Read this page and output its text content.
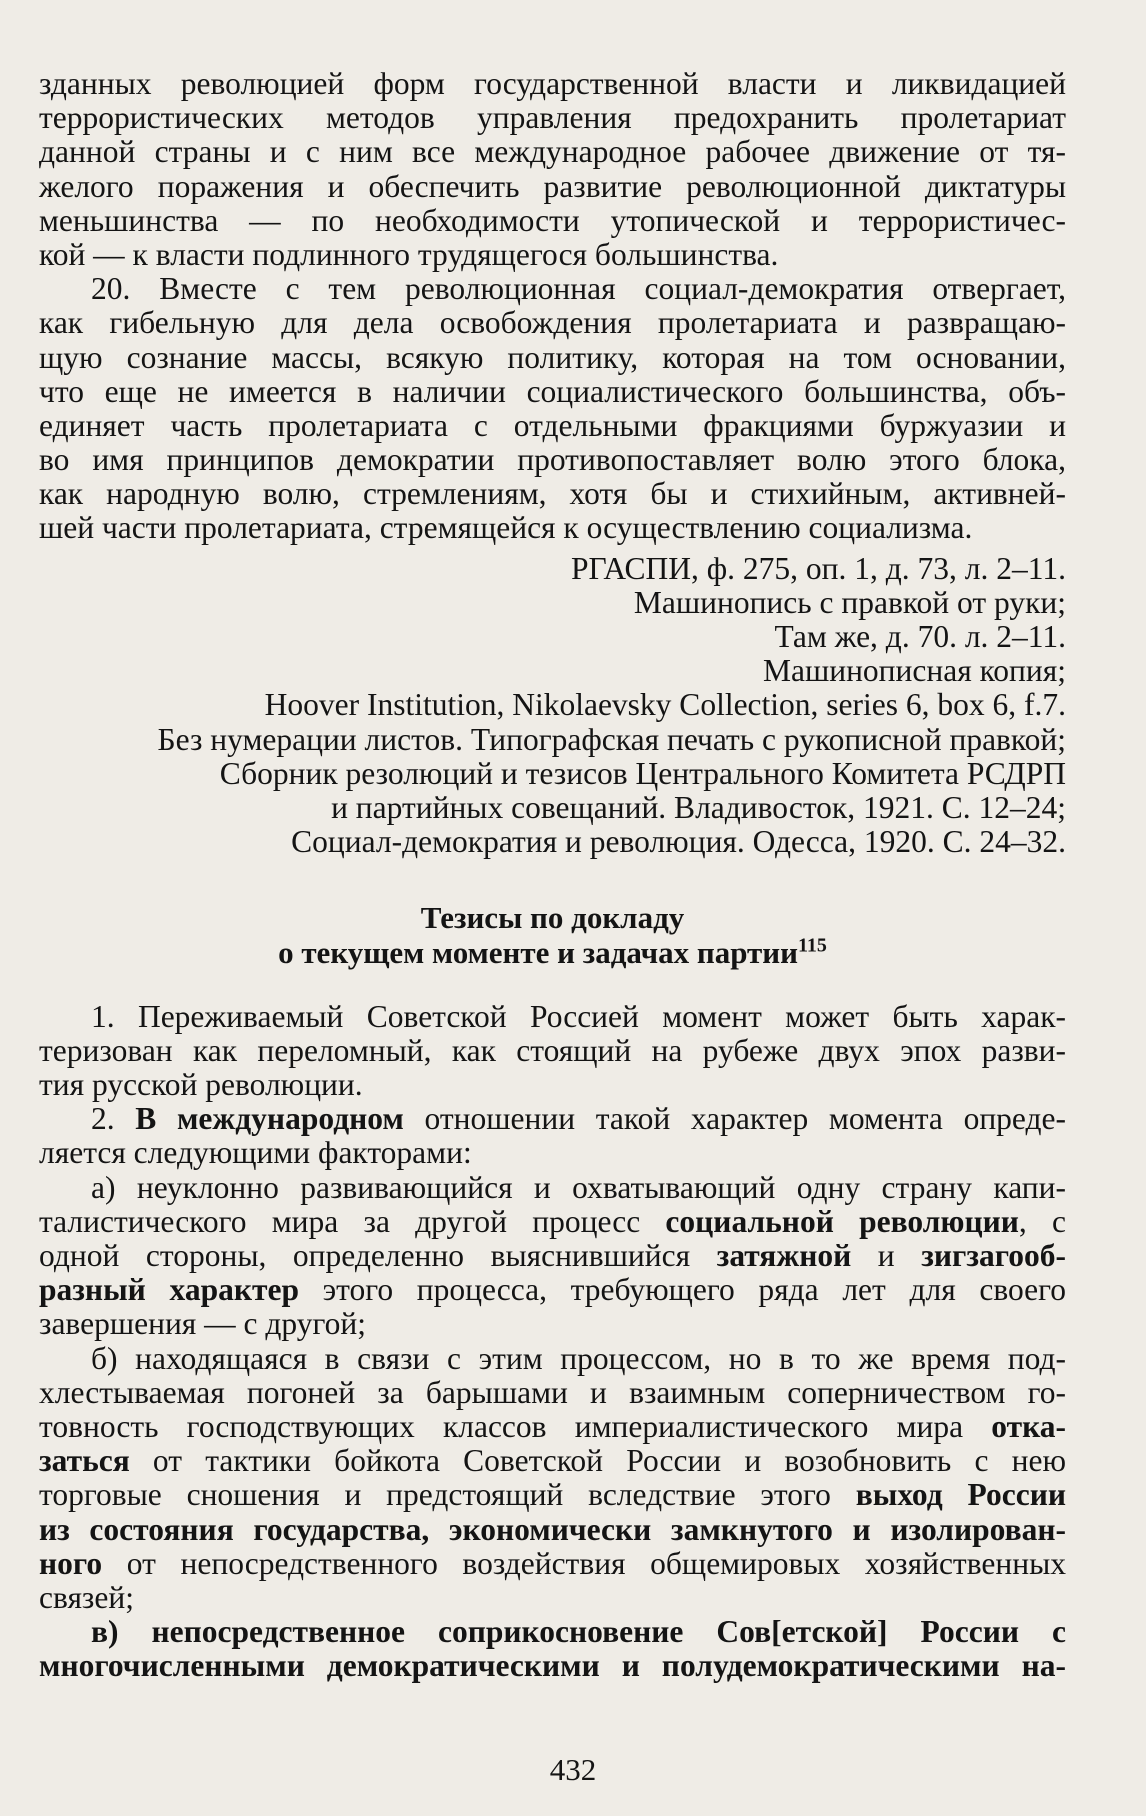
зданных революцией форм государственной власти и ликвидацией
террористических методов управления предохранить пролетариат
данной страны и с ним все международное рабочее движение от тя-
желого поражения и обеспечить развитие революционной диктатуры
меньшинства — по необходимости утопической и террористичес-
кой — к власти подлинного трудящегося большинства.
20. Вместе с тем революционная социал-демократия отвергает,
как гибельную для дела освобождения пролетариата и развращаю-
щую сознание массы, всякую политику, которая на том основании,
что еще не имеется в наличии социалистического большинства, объ-
единяет часть пролетариата с отдельными фракциями буржуазии и
во имя принципов демократии противопоставляет волю этого блока,
как народную волю, стремлениям, хотя бы и стихийным, активней-
шей части пролетариата, стремящейся к осуществлению социализма.
РГАСПИ, ф. 275, оп. 1, д. 73, л. 2–11.
Машинопись с правкой от руки;
Там же, д. 70. л. 2–11.
Машинописная копия;
Hoover Institution, Nikolaevsky Collection, series 6, box 6, f.7.
Без нумерации листов. Типографская печать с рукописной правкой;
Сборник резолюций и тезисов Центрального Комитета РСДРП
и партийных совещаний. Владивосток, 1921. С. 12–24;
Социал-демократия и революция. Одесса, 1920. С. 24–32.
Тезисы по докладу
о текущем моменте и задачах партии$^{115}$
1. Переживаемый Советской Россией момент может быть харак-
теризован как переломный, как стоящий на рубеже двух эпох разви-
тия русской революции.
2. В международном отношении такой характер момента опреде-
ляется следующими факторами:
а) неуклонно развивающийся и охватывающий одну страну капи-
талистического мира за другой процесс социальной революции, с
одной стороны, определенно выяснившийся затяжной и зигзагооб-
разный характер этого процесса, требующего ряда лет для своего
завершения — с другой;
б) находящаяся в связи с этим процессом, но в то же время под-
хлестываемая погоней за барышами и взаимным соперничеством го-
товность господствующих классов империалистического мира отка-
заться от тактики бойкота Советской России и возобновить с нею
торговые сношения и предстоящий вследствие этого выход России
из состояния государства, экономически замкнутого и изолирован-
ного от непосредственного воздействия общемировых хозяйственных
связей;
в) непосредственное соприкосновение Сов[етской] России с
многочисленными демократическими и полудемократическими на-
432
